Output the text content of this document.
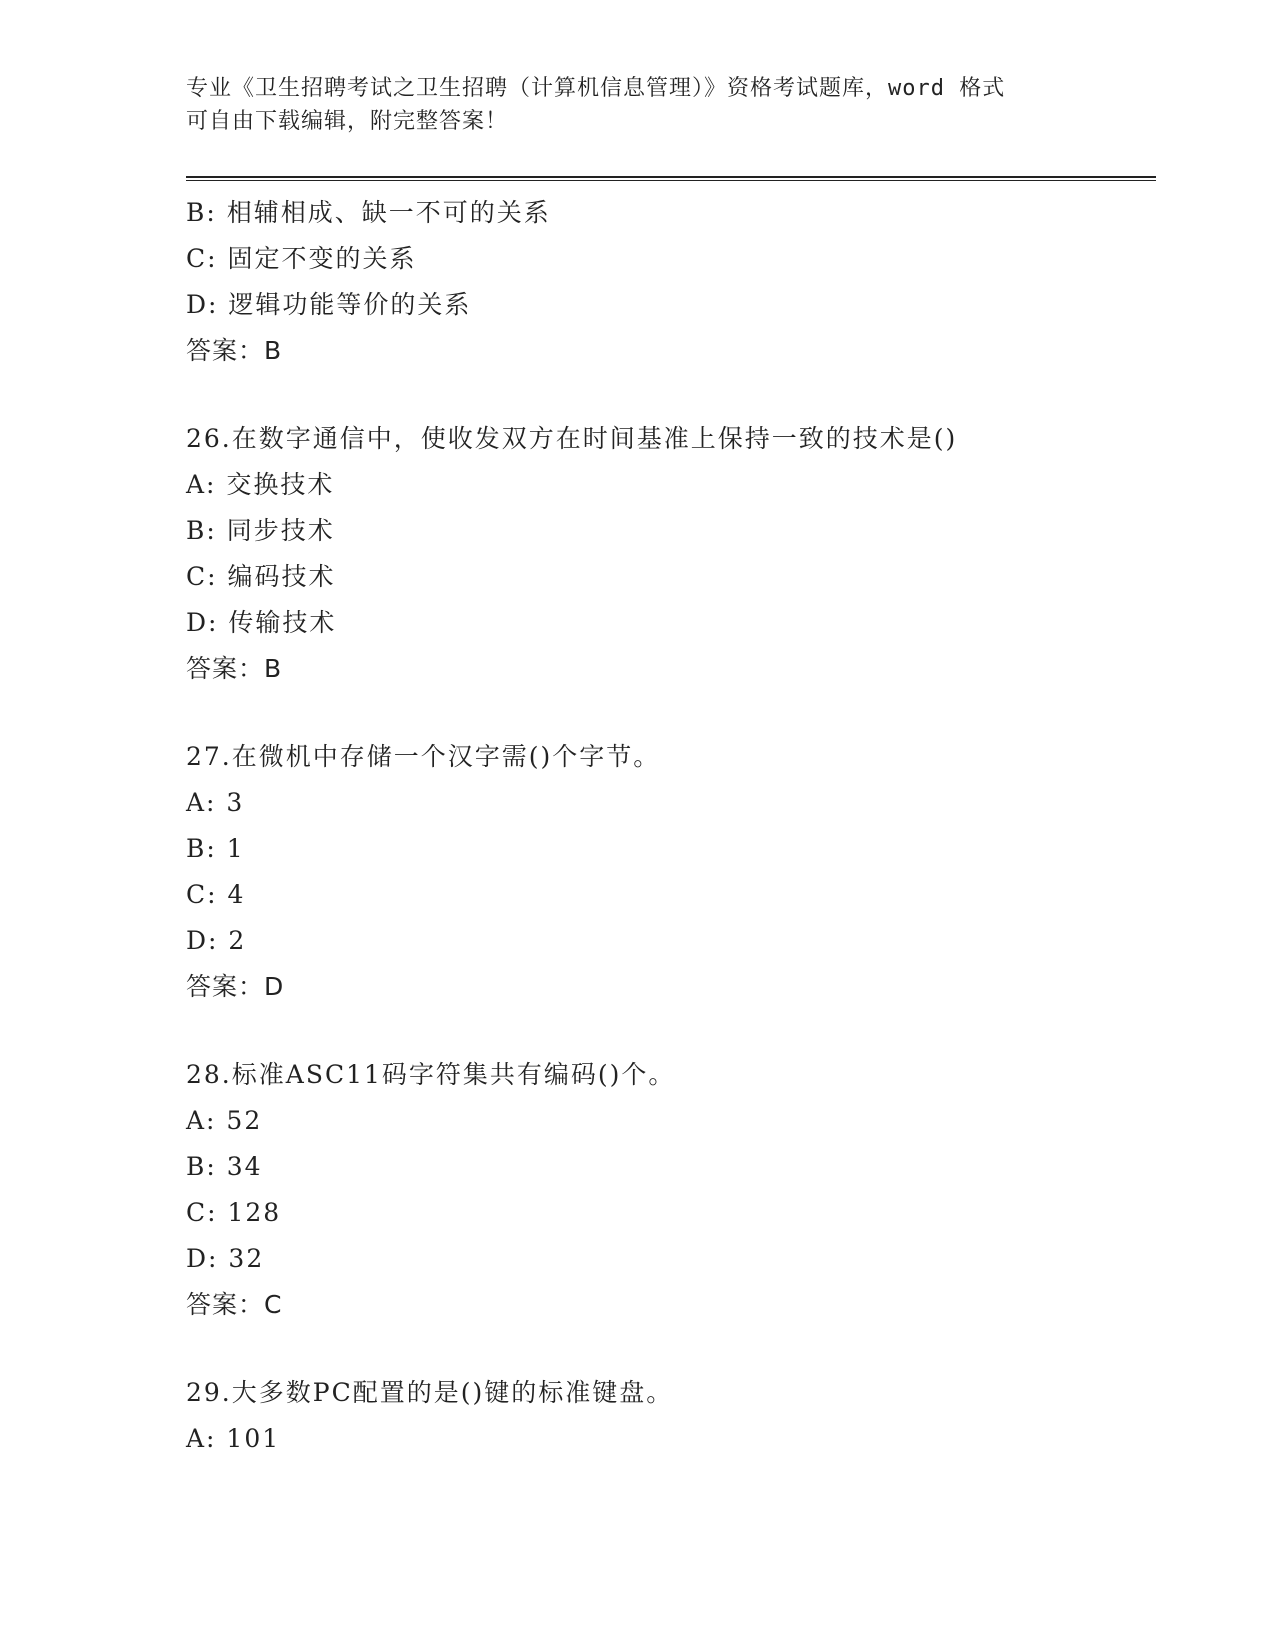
专业《卫生招聘考试之卫生招聘（计算机信息管理）》资格考试题库，word 格式
可自由下载编辑，附完整答案！
B: 相辅相成、缺一不可的关系
C: 固定不变的关系
D: 逻辑功能等价的关系
答案：B
26.在数字通信中，使收发双方在时间基准上保持一致的技术是()
A: 交换技术
B: 同步技术
C: 编码技术
D: 传输技术
答案：B
27.在微机中存储一个汉字需()个字节。
A: 3
B: 1
C: 4
D: 2
答案：D
28.标准ASC11码字符集共有编码()个。
A: 52
B: 34
C: 128
D: 32
答案：C
29.大多数PC配置的是()键的标准键盘。
A: 101
